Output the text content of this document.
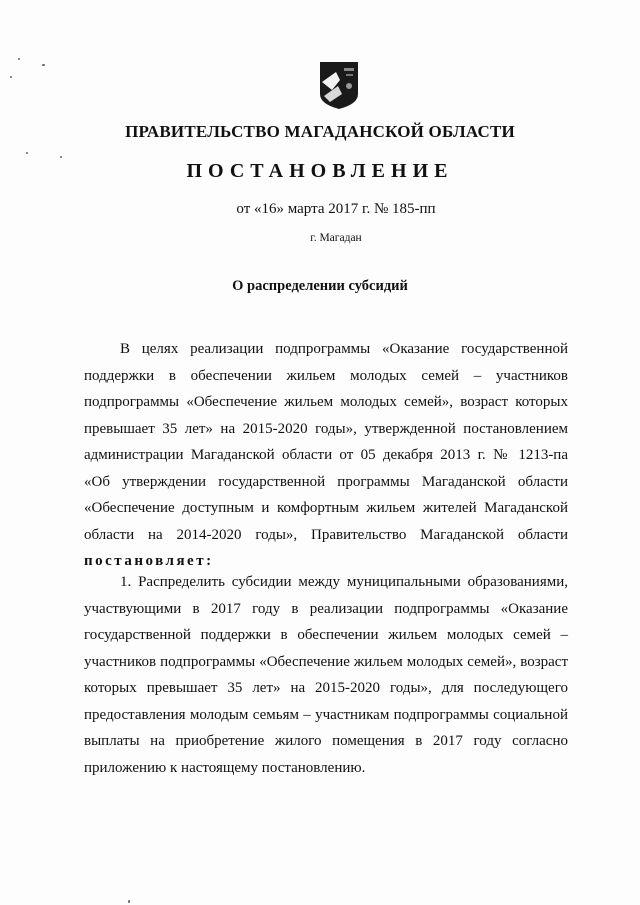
ПРАВИТЕЛЬСТВО МАГАДАНСКОЙ ОБЛАСТИ
ПОСТАНОВЛЕНИЕ
от «16» марта 2017 г. № 185-пп
г. Магадан
О распределении субсидий
В целях реализации подпрограммы «Оказание государственной
поддержки в обеспечении жильем молодых семей – участников
подпрограммы «Обеспечение жильем молодых семей», возраст которых
превышает 35 лет» на 2015-2020 годы», утвержденной постановлением
администрации Магаданской области от 05 декабря 2013 г. № 1213-па
«Об утверждении государственной программы Магаданской области
«Обеспечение доступным и комфортным жильем жителей Магаданской
области на 2014-2020 годы», Правительство Магаданской области
постановляет:
1. Распределить субсидии между муниципальными образованиями,
участвующими в 2017 году в реализации подпрограммы «Оказание
государственной поддержки в обеспечении жильем молодых семей –
участников подпрограммы «Обеспечение жильем молодых семей», возраст
которых превышает 35 лет» на 2015-2020 годы», для последующего
предоставления молодым семьям – участникам подпрограммы социальной
выплаты на приобретение жилого помещения в 2017 году согласно
приложению к настоящему постановлению.
